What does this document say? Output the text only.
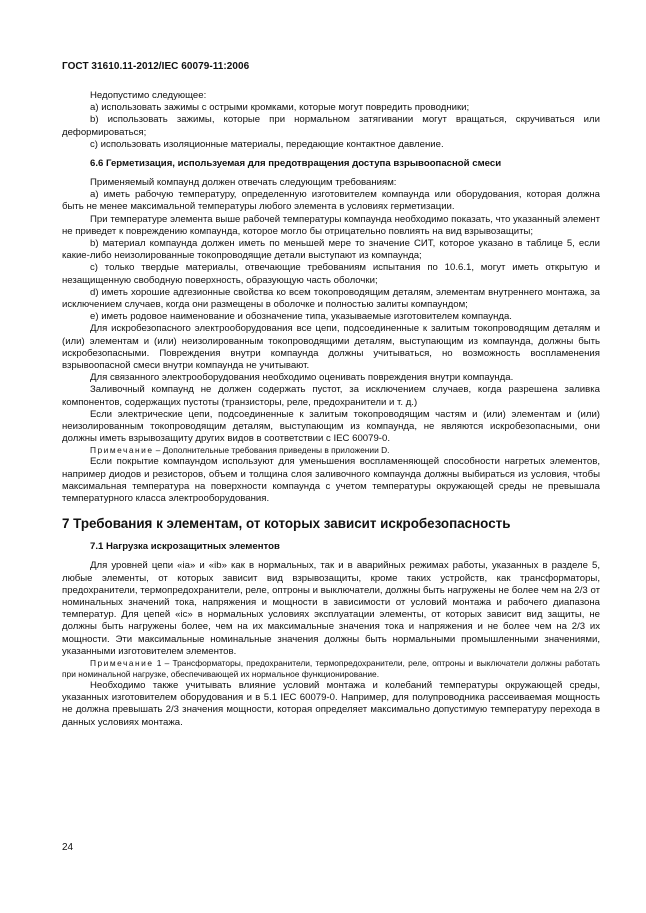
ГОСТ 31610.11-2012/IEC 60079-11:2006

Недопустимо следующее:

a) использовать зажимы с острыми кромками, которые могут повредить проводники;

b) использовать зажимы, которые при нормальном затягивании могут вращаться, скручиваться или деформироваться;

c) использовать изоляционные материалы, передающие контактное давление.

6.6 Герметизация, используемая для предотвращения доступа взрывоопасной смеси

Применяемый компаунд должен отвечать следующим требованиям:

а) иметь рабочую температуру, определенную изготовителем компаунда или оборудования, которая должна быть не менее максимальной температуры любого элемента в условиях герметизации.

При температуре элемента выше рабочей температуры компаунда необходимо показать, что указанный элемент не приведет к повреждению компаунда, которое могло бы отрицательно повлиять на вид взрывозащиты;

b) материал компаунда должен иметь по меньшей мере то значение СИТ, которое указано в таблице 5, если какие-либо неизолированные токопроводящие детали выступают из компаунда;

c) только твердые материалы, отвечающие требованиям испытания по 10.6.1, могут иметь открытую и незащищенную свободную поверхность, образующую часть оболочки;

d) иметь хорошие адгезионные свойства ко всем токопроводящим деталям, элементам внутреннего монтажа, за исключением случаев, когда они размещены в оболочке и полностью залиты компаундом;

e) иметь родовое наименование и обозначение типа, указываемые изготовителем компаунда.

Для искробезопасного электрооборудования все цепи, подсоединенные к залитым токопроводящим деталям и (или) элементам и (или) неизолированным токопроводящими деталям, выступающим из компаунда, должны быть искробезопасными. Повреждения внутри компаунда должны учитываться, но возможность воспламенения взрывоопасной смеси внутри компаунда не учитывают.

Для связанного электрооборудования необходимо оценивать повреждения внутри компаунда.

Заливочный компаунд не должен содержать пустот, за исключением случаев, когда разрешена заливка компонентов, содержащих пустоты (транзисторы, реле, предохранители и т. д.)

Если электрические цепи, подсоединенные к залитым токопроводящим частям и (или) элементам и (или) неизолированным токопроводящим деталям, выступающим из компаунда, не являются искробезопасными, они должны иметь взрывозащиту других видов в соответствии с IEC 60079-0.

Примечание – Дополнительные требования приведены в приложении D.

Если покрытие компаундом используют для уменьшения воспламеняющей способности нагретых элементов, например диодов и резисторов, объем и толщина слоя заливочного компаунда должны выбираться из условия, чтобы максимальная температура на поверхности компаунда с учетом температуры окружающей среды не превышала температурного класса электрооборудования.

7 Требования к элементам, от которых зависит искробезопасность
7.1 Нагрузка искрозащитных элементов

Для уровней цепи «ia» и «ib» как в нормальных, так и в аварийных режимах работы, указанных в разделе 5, любые элементы, от которых зависит вид взрывозащиты, кроме таких устройств, как трансформаторы, предохранители, термопредохранители, реле, оптроны и выключатели, должны быть нагружены не более чем на 2/3 от номинальных значений тока, напряжения и мощности в зависимости от условий монтажа и рабочего диапазона температур. Для цепей «ic» в нормальных условиях эксплуатации элементы, от которых зависит вид защиты, не должны быть нагружены более, чем на их максимальные значения тока и напряжения и не более чем на 2/3 их мощности. Эти максимальные номинальные значения должны быть нормальными промышленными значениями, указанными изготовителем элементов.

Примечание 1 – Трансформаторы, предохранители, термопредохранители, реле, оптроны и выключатели должны работать при номинальной нагрузке, обеспечивающей их нормальное функционирование.

Необходимо также учитывать влияние условий монтажа и колебаний температуры окружающей среды, указанных изготовителем оборудования и в 5.1 IEC 60079-0. Например, для полупроводника рассеиваемая мощность не должна превышать 2/3 значения мощности, которая определяет максимально допустимую температуру перехода в данных условиях монтажа.

24
